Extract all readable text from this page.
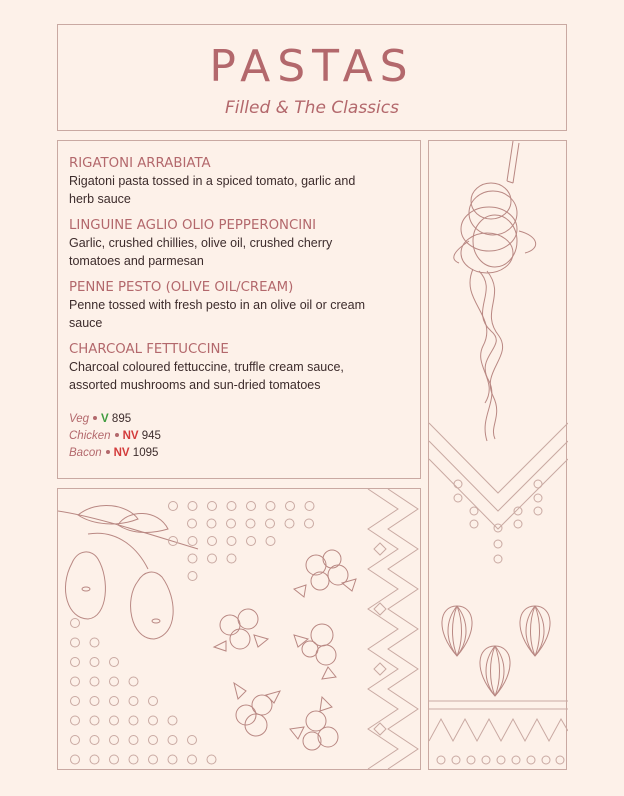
PASTAS
Filled & The Classics
RIGATONI ARRABIATA
Rigatoni pasta tossed in a spiced tomato, garlic and herb sauce
LINGUINE AGLIO OLIO PEPPERONCINI
Garlic, crushed chillies, olive oil, crushed cherry tomatoes and parmesan
PENNE PESTO (OLIVE OIL/CREAM)
Penne tossed with fresh pesto in an olive oil or cream sauce
CHARCOAL FETTUCCINE
Charcoal coloured fettuccine, truffle cream sauce, assorted mushrooms and sun-dried tomatoes
Veg V 895
Chicken NV 945
Bacon NV 1095
